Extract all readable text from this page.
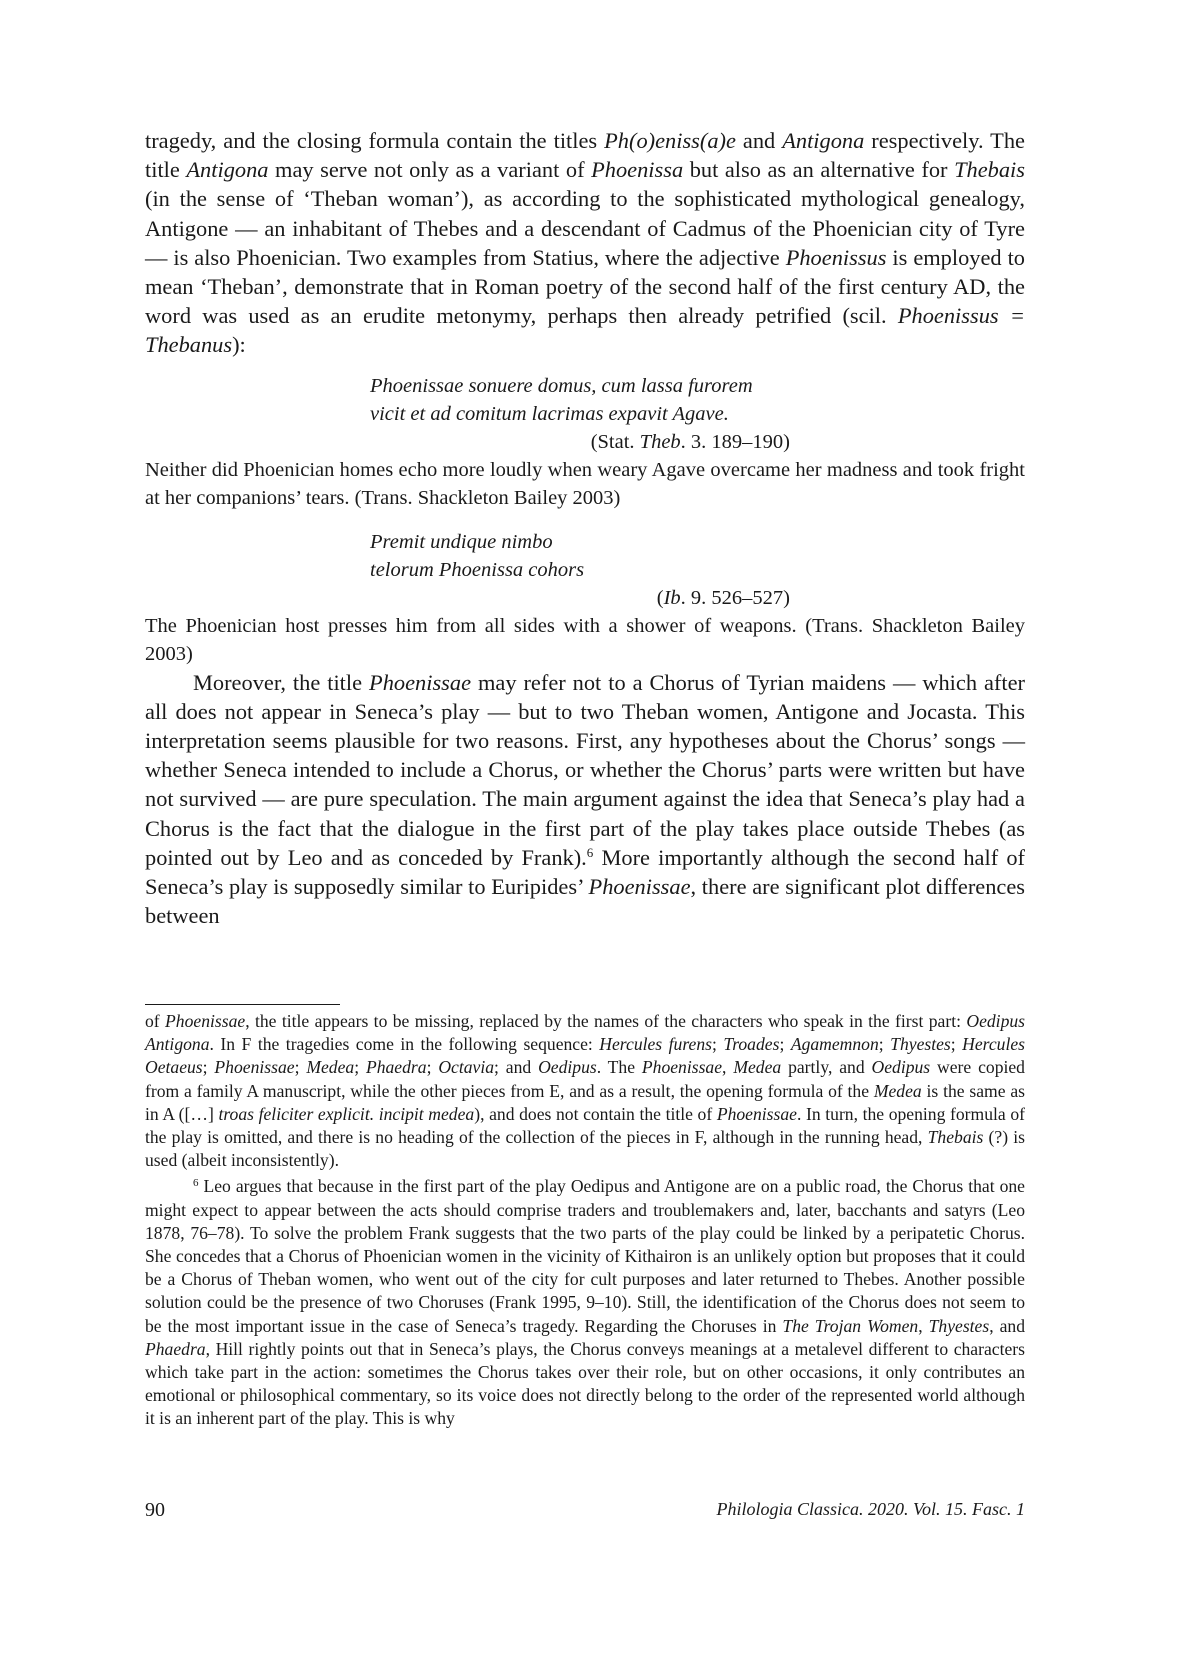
tragedy, and the closing formula contain the titles Ph(o)eniss(a)e and Antigona respectively. The title Antigona may serve not only as a variant of Phoenissa but also as an alternative for Thebais (in the sense of ‘Theban woman’), as according to the sophisticated mythological genealogy, Antigone — an inhabitant of Thebes and a descendant of Cadmus of the Phoenician city of Tyre — is also Phoenician. Two examples from Statius, where the adjective Phoenissus is employed to mean ‘Theban’, demonstrate that in Roman poetry of the second half of the first century AD, the word was used as an erudite metonymy, perhaps then already petrified (scil. Phoenissus = Thebanus):

Phoenissae sonuere domus, cum lassa furorem
vicit et ad comitum lacrimas expavit Agave.
(Stat. Theb. 3. 189–190)

Neither did Phoenician homes echo more loudly when weary Agave overcame her madness and took fright at her companions’ tears. (Trans. Shackleton Bailey 2003)

Premit undique nimbo
telorum Phoenissa cohors
(Ib. 9. 526–527)

The Phoenician host presses him from all sides with a shower of weapons. (Trans. Shackleton Bailey 2003)

Moreover, the title Phoenissae may refer not to a Chorus of Tyrian maidens — which after all does not appear in Seneca’s play — but to two Theban women, Antigone and Jocasta. This interpretation seems plausible for two reasons. First, any hypotheses about the Chorus’ songs — whether Seneca intended to include a Chorus, or whether the Chorus’ parts were written but have not survived — are pure speculation. The main argument against the idea that Seneca’s play had a Chorus is the fact that the dialogue in the first part of the play takes place outside Thebes (as pointed out by Leo and as conceded by Frank).$^6$ More importantly although the second half of Seneca’s play is supposedly similar to Euripides’ Phoenissae, there are significant plot differences between

of Phoenissae, the title appears to be missing, replaced by the names of the characters who speak in the first part: Oedipus Antigona. In F the tragedies come in the following sequence: Hercules furens; Troades; Agamemnon; Thyestes; Hercules Oetaeus; Phoenissae; Medea; Phaedra; Octavia; and Oedipus. The Phoenissae, Medea partly, and Oedipus were copied from a family A manuscript, while the other pieces from E, and as a result, the opening formula of the Medea is the same as in A ([…] troas feliciter explicit. incipit medea), and does not contain the title of Phoenissae. In turn, the opening formula of the play is omitted, and there is no heading of the collection of the pieces in F, although in the running head, Thebais (?) is used (albeit inconsistently).

$^6$ Leo argues that because in the first part of the play Oedipus and Antigone are on a public road, the Chorus that one might expect to appear between the acts should comprise traders and troublemakers and, later, bacchants and satyrs (Leo 1878, 76–78). To solve the problem Frank suggests that the two parts of the play could be linked by a peripatetic Chorus. She concedes that a Chorus of Phoenician women in the vicinity of Kithairon is an unlikely option but proposes that it could be a Chorus of Theban women, who went out of the city for cult purposes and later returned to Thebes. Another possible solution could be the presence of two Choruses (Frank 1995, 9–10). Still, the identification of the Chorus does not seem to be the most important issue in the case of Seneca’s tragedy. Regarding the Choruses in The Trojan Women, Thyestes, and Phaedra, Hill rightly points out that in Seneca’s plays, the Chorus conveys meanings at a metalevel different to characters which take part in the action: sometimes the Chorus takes over their role, but on other occasions, it only contributes an emotional or philosophical commentary, so its voice does not directly belong to the order of the represented world although it is an inherent part of the play. This is why

90	Philologia Classica. 2020. Vol. 15. Fasc. 1
